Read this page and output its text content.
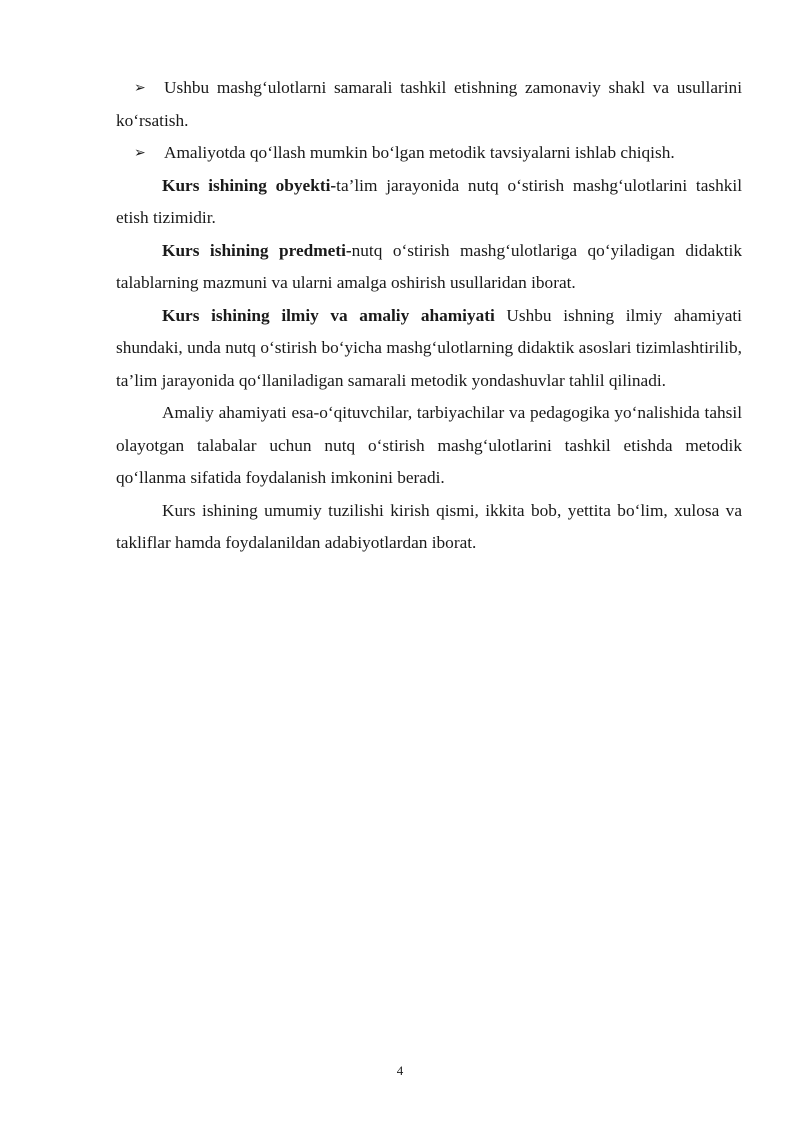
➢ Ushbu mashg‘ulotlarni samarali tashkil etishning zamonaviy shakl va usullarini ko‘rsatish.

➢ Amaliyotda qo‘llash mumkin bo‘lgan metodik tavsiyalarni ishlab chiqish.

Kurs ishining obyekti-ta’lim jarayonida nutq o‘stirish mashg‘ulotlarini tashkil etish tizimidir.

Kurs ishining predmeti-nutq o‘stirish mashg‘ulotlariga qo‘yiladigan didaktik talablarning mazmuni va ularni amalga oshirish usullaridan iborat.

Kurs ishining ilmiy va amaliy ahamiyati Ushbu ishning ilmiy ahamiyati shundaki, unda nutq o‘stirish bo‘yicha mashg‘ulotlarning didaktik asoslari tizimlashtirilib, ta’lim jarayonida qo‘llaniladigan samarali metodik yondashuvlar tahlil qilinadi.

Amaliy ahamiyati esa-o‘qituvchilar, tarbiyachilar va pedagogika yo‘nalishida tahsil olayotgan talabalar uchun nutq o‘stirish mashg‘ulotlarini tashkil etishda metodik qo‘llanma sifatida foydalanish imkonini beradi.

Kurs ishining umumiy tuzilishi kirish qismi, ikkita bob, yettita bo‘lim, xulosa va takliflar hamda foydalanildan adabiyotlardan iborat.

4
